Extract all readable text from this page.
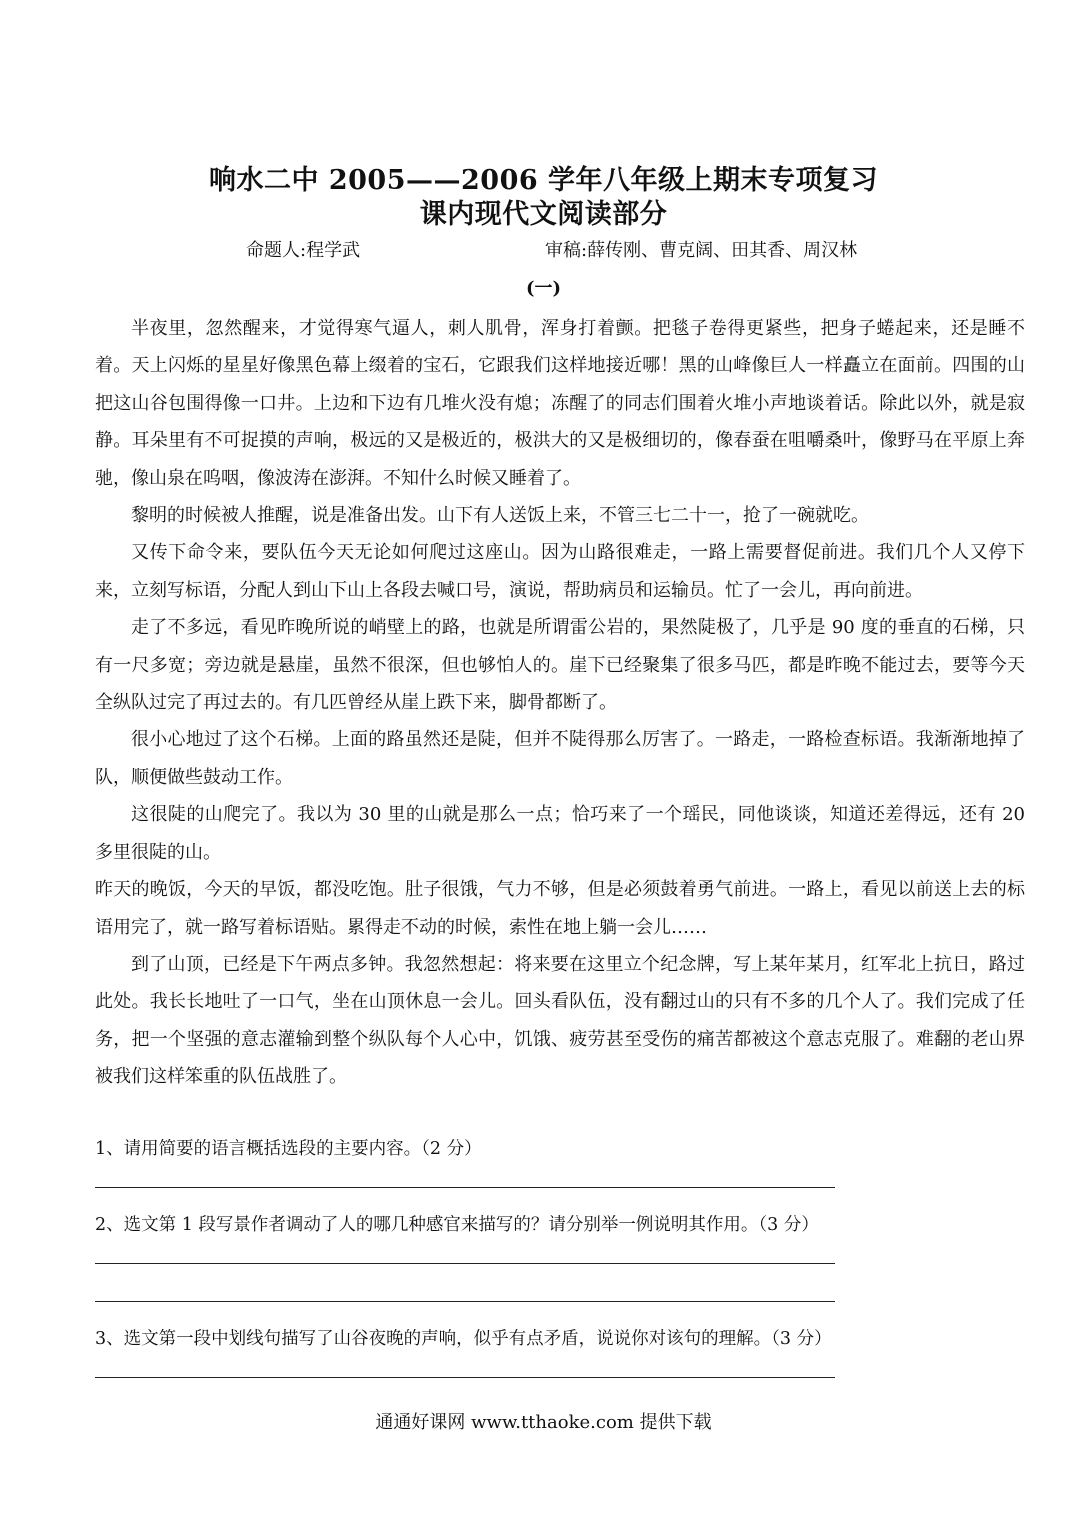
响水二中 2005——2006 学年八年级上期末专项复习
课内现代文阅读部分
命题人:程学武	审稿:薛传刚、曹克阔、田其香、周汉林
(一)

半夜里，忽然醒来，才觉得寒气逼人，刺人肌骨，浑身打着颤。把毯子卷得更紧些，把身子蜷起来，还是睡不着。天上闪烁的星星好像黑色幕上缀着的宝石，它跟我们这样地接近哪！黑的山峰像巨人一样矗立在面前。四围的山把这山谷包围得像一口井。上边和下边有几堆火没有熄；冻醒了的同志们围着火堆小声地谈着话。除此以外，就是寂静。耳朵里有不可捉摸的声响，极远的又是极近的，极洪大的又是极细切的，像春蚕在咀嚼桑叶，像野马在平原上奔驰，像山泉在呜咽，像波涛在澎湃。不知什么时候又睡着了。

黎明的时候被人推醒，说是准备出发。山下有人送饭上来，不管三七二十一，抢了一碗就吃。

又传下命令来，要队伍今天无论如何爬过这座山。因为山路很难走，一路上需要督促前进。我们几个人又停下来，立刻写标语，分配人到山下山上各段去喊口号，演说，帮助病员和运输员。忙了一会儿，再向前进。

走了不多远，看见昨晚所说的峭壁上的路，也就是所谓雷公岩的，果然陡极了，几乎是 90 度的垂直的石梯，只有一尺多宽；旁边就是悬崖，虽然不很深，但也够怕人的。崖下已经聚集了很多马匹，都是昨晚不能过去，要等今天全纵队过完了再过去的。有几匹曾经从崖上跌下来，脚骨都断了。

很小心地过了这个石梯。上面的路虽然还是陡，但并不陡得那么厉害了。一路走，一路检查标语。我渐渐地掉了队，顺便做些鼓动工作。

这很陡的山爬完了。我以为 30 里的山就是那么一点；恰巧来了一个瑶民，同他谈谈，知道还差得远，还有 20 多里很陡的山。

昨天的晚饭，今天的早饭，都没吃饱。肚子很饿，气力不够，但是必须鼓着勇气前进。一路上，看见以前送上去的标语用完了，就一路写着标语贴。累得走不动的时候，索性在地上躺一会儿……

到了山顶，已经是下午两点多钟。我忽然想起：将来要在这里立个纪念牌，写上某年某月，红军北上抗日，路过此处。我长长地吐了一口气，坐在山顶休息一会儿。回头看队伍，没有翻过山的只有不多的几个人了。我们完成了任务，把一个坚强的意志灌输到整个纵队每个人心中，饥饿、疲劳甚至受伤的痛苦都被这个意志克服了。难翻的老山界被我们这样笨重的队伍战胜了。

1、请用简要的语言概括选段的主要内容。（2 分）
2、选文第 1 段写景作者调动了人的哪几种感官来描写的？请分别举一例说明其作用。（3 分）
3、选文第一段中划线句描写了山谷夜晚的声响，似乎有点矛盾，说说你对该句的理解。（3 分）
通通好课网 www.tthaoke.com 提供下载
